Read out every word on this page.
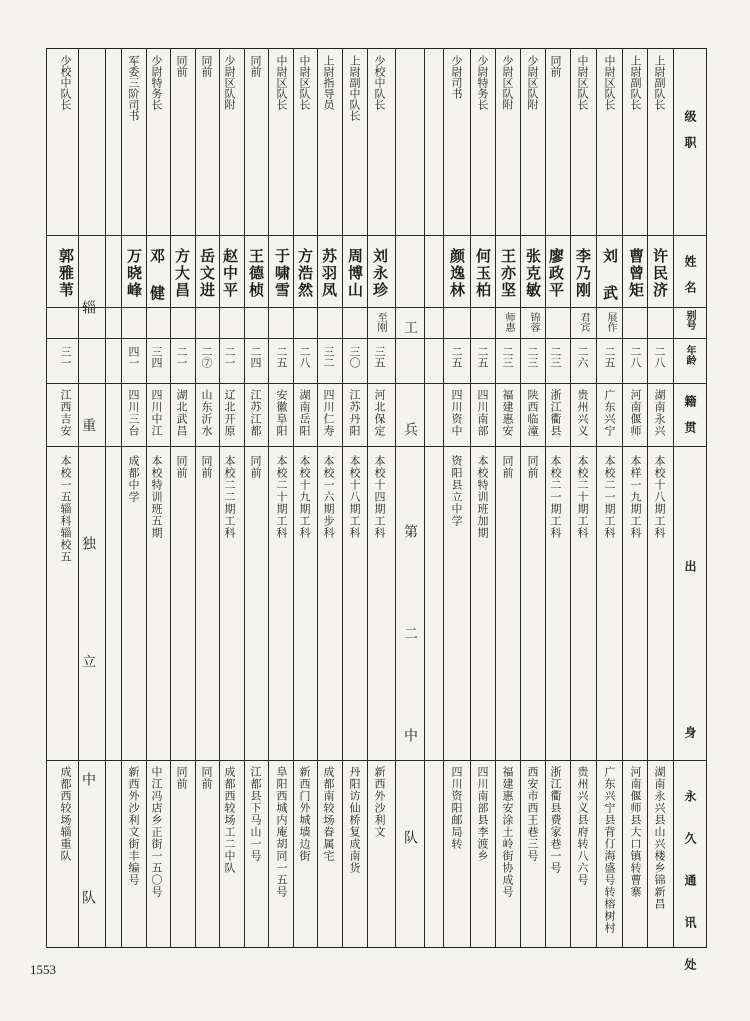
级 职
姓 名
别号
年龄
籍 贯
出 身
永 久 通 讯 处
上尉副队长
许民济
二八
湖南永兴
本校十八期工科
湖南永兴县山兴楼乡锦新昌
上尉副队长
曹曾矩
二八
河南偃师
本样一九期工科
河南偃师县大口镇转曹寨
中尉区队长
刘 武
展作
二五
广东兴宁
本校二一期工科
广东兴宁县背仃海盛号转榕树村
中尉区队长
李乃刚
君宾
二六
贵州兴义
本校二十期工科
贵州兴义县府转八六号
同前
廖政平
二三
浙江衢县
本校二一期工科
浙江衢县费家巷一号
少尉区队附
张克敏
锦蓉
二三
陕西临潼
同前
西安市西王巷三号
少尉区队附
王亦坚
师惠
二三
福建惠安
同前
福建惠安涂土岭街协成号
少尉特务长
何玉柏
二五
四川南部
本校特训班加期
四川南部县李渡乡
少尉司书
颜逸林
二五
四川资中
资阳县立中学
四川资阳邮局转
少校中队长
刘永珍
至刚
三五
河北保定
本校十四期工科
新西外沙利文
上尉副中队长
周博山
三〇
江苏丹阳
本校十八期工科
丹阳访仙桥复成南货
上尉指导员
苏羽凤
三二
四川仁寿
本校一六期步科
成都南较场眷属宅
中尉区队长
方浩然
二八
湖南岳阳
本校十九期工科
新西门外城墙边街
中尉区队长
于啸雪
二五
安徽阜阳
本校二十期工科
阜阳西城内庵胡同一五号
同前
王德桢
二四
江苏江都
同前
江都县下马山一号
少尉区队附
赵中平
二一
辽北开原
本校二二期工科
成都西较场工二中队
同前
岳文进
二⑦
山东沂水
同前
同前
同前
方大昌
二一
湖北武昌
同前
同前
少尉特务长
邓 健
三四
四川中江
本校特训班五期
中江冯店乡正街一五〇号
军委三阶司书
万晓峰
四一
四川三台
成都中学
新西外沙利文街丰编号
少校中队长
郭雅苇
三一
江西吉安
本校一五辎科辎校五
成都西较场辎重队	工 兵 第 二 中 队
辎 重 独 立 中 队
1553
